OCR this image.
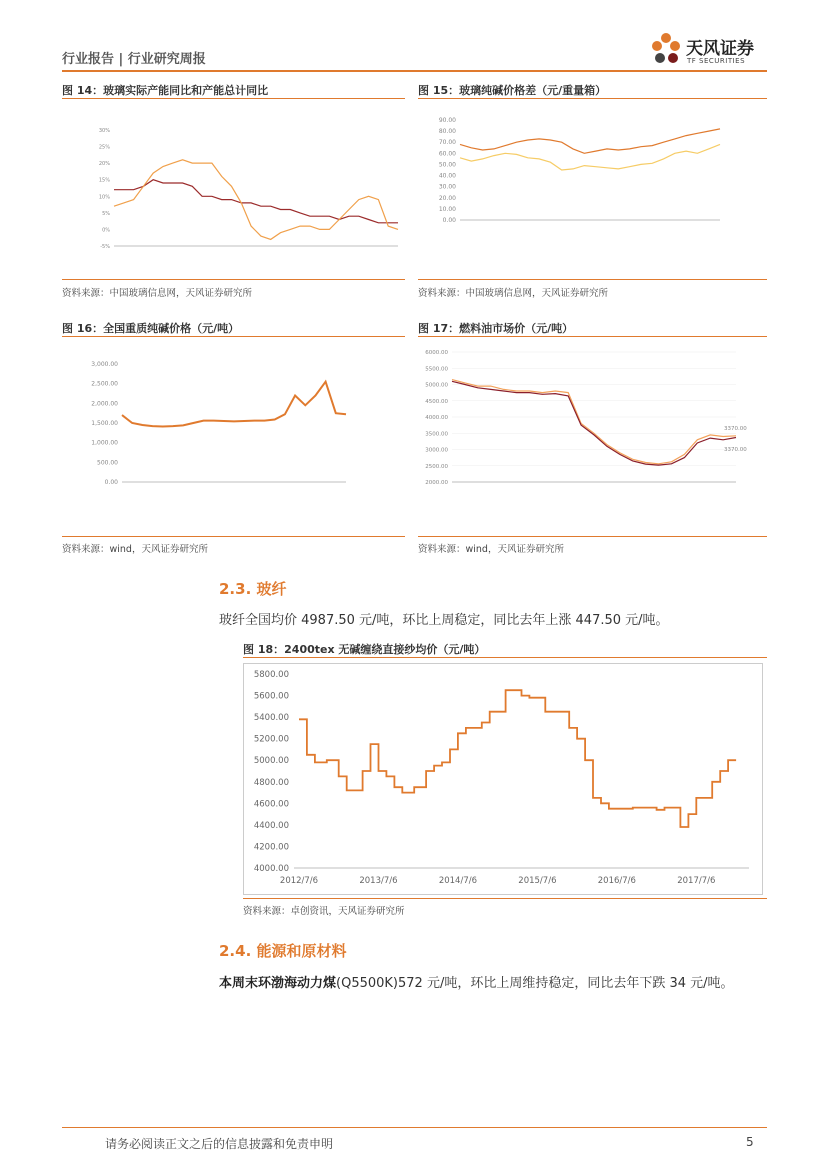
行业报告 | 行业研究周报
天风证券
TF SECURITIES
图 14：玻璃实际产能同比和产能总计同比
30%
25%
20%
15%
10%
5%
0%
-5%
资料来源：中国玻璃信息网，天风证券研究所
图 15：玻璃纯碱价格差（元/重量箱）
90.00
80.00
70.00
60.00
50.00
40.00
30.00
20.00
10.00
0.00
资料来源：中国玻璃信息网，天风证券研究所
图 16：全国重质纯碱价格（元/吨）
3,000.00
2,500.00
2,000.00
1,500.00
1,000.00
500.00
0.00
资料来源：wind，天风证券研究所
图 17：燃料油市场价（元/吨）
6000.00
5500.00
5000.00
4500.00
4000.00
3500.00
3000.00
2500.00
2000.00
3370.00
3370.00
资料来源：wind，天风证券研究所
2.3. 玻纤
玻纤全国均价 4987.50 元/吨，环比上周稳定，同比去年上涨 447.50 元/吨。
图 18：2400tex 无碱缠绕直接纱均价（元/吨）
5800.00
5600.00
5400.00
5200.00
5000.00
4800.00
4600.00
4400.00
4200.00
4000.00
2012/7/6	2013/7/6	2014/7/6	2015/7/6	2016/7/6	2017/7/6
资料来源：卓创资讯，天风证券研究所
2.4. 能源和原材料
本周末环渤海动力煤(Q5500K)572 元/吨，环比上周维持稳定，同比去年下跌 34 元/吨。
请务必阅读正文之后的信息披露和免责申明	5
